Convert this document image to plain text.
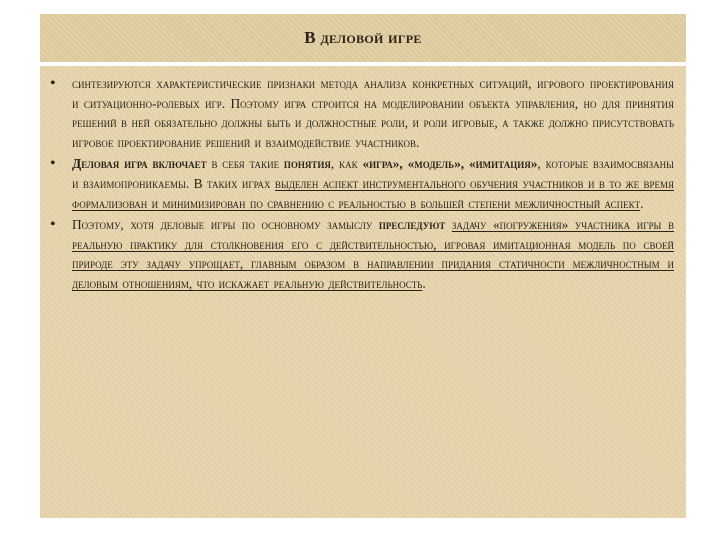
В деловой игре
• синтезируются характеристические признаки метода анализа конкретных ситуаций, игрового проектирования и ситуационно-ролевых игр. Поэтому игра строится на моделировании объекта управления, но для принятия решений в ней обязательно должны быть и должностные роли, и роли игровые, а также должно присутствовать игровое проектирование решений и взаимодействие участников.
• Деловая игра включает в себя такие понятия, как «игра», «модель», «имитация», которые взаимосвязаны и взаимопроникаемы. В таких играх выделен аспект инструментального обучения участников и в то же время формализован и минимизирован по сравнению с реальностью в большей степени межличностный аспект.
• Поэтому, хотя деловые игры по основному замыслу преследуют задачу «погружения» участника игры в реальную практику для столкновения его с действительностью, игровая имитационная модель по своей природе эту задачу упрощает, главным образом в направлении придания статичности межличностным и деловым отношениям, что искажает реальную действительность.
